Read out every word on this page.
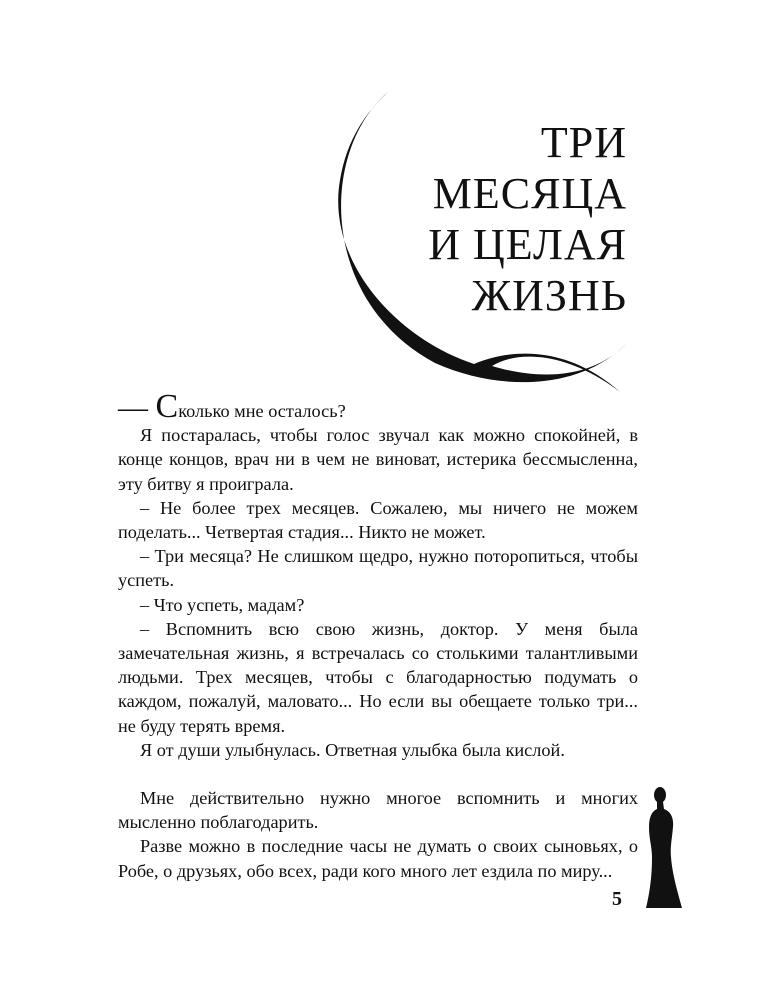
ТРИ
МЕСЯЦА
И ЦЕЛАЯ
ЖИЗНЬ

— Сколько мне осталось?

Я постаралась, чтобы голос звучал как можно спокойней, в конце концов, врач ни в чем не виноват, истерика бессмысленна, эту битву я проиграла.

– Не более трех месяцев. Сожалею, мы ничего не можем поделать... Четвертая стадия... Никто не может.

– Три месяца? Не слишком щедро, нужно поторопиться, чтобы успеть.

– Что успеть, мадам?

– Вспомнить всю свою жизнь, доктор. У меня была замечательная жизнь, я встречалась со столькими талантливыми людьми. Трех месяцев, чтобы с благодарностью подумать о каждом, пожалуй, маловато... Но если вы обещаете только три... не буду терять время.

Я от души улыбнулась. Ответная улыбка была кислой.

Мне действительно нужно многое вспомнить и многих мысленно поблагодарить.

Разве можно в последние часы не думать о своих сыновьях, о Робе, о друзьях, обо всех, ради кого много лет ездила по миру...

5
